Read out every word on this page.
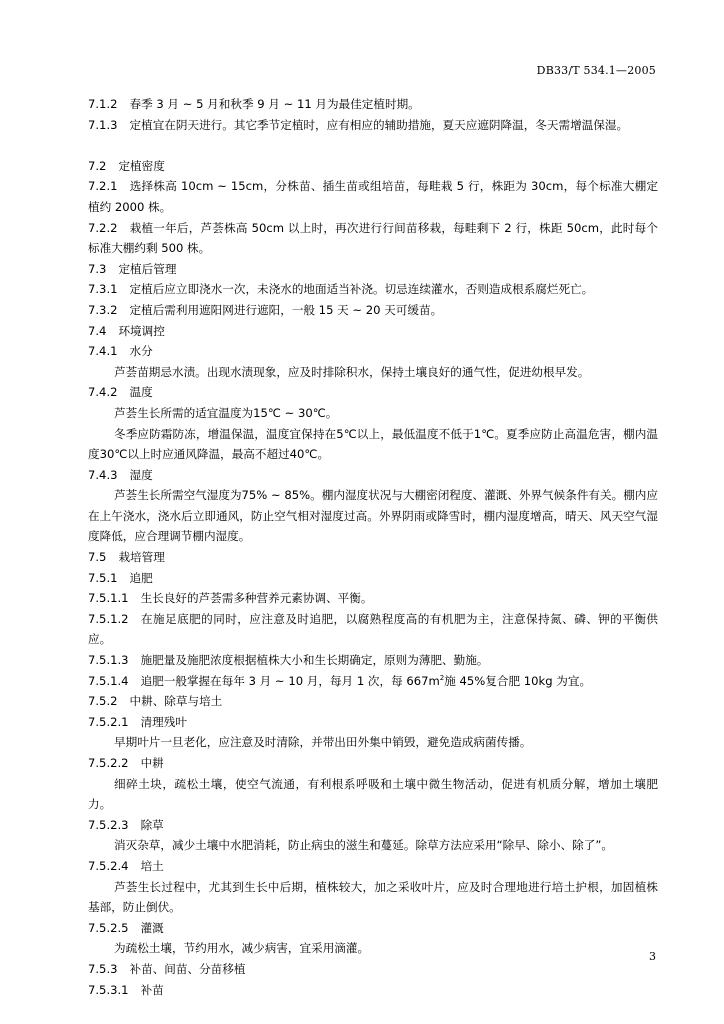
DB33/T 534.1—2005
7.1.2 春季 3 月 ~ 5 月和秋季 9 月 ~ 11 月为最佳定植时期。
7.1.3 定植宜在阴天进行。其它季节定植时，应有相应的辅助措施，夏天应遮阴降温，冬天需增温保湿。
7.2 定植密度
7.2.1 选择株高 10cm ~ 15cm，分株苗、插生苗或组培苗，每畦栽 5 行，株距为 30cm，每个标准大棚定植约 2000 株。
7.2.2 栽植一年后，芦荟株高 50cm 以上时，再次进行行间苗移栽，每畦剩下 2 行，株距 50cm，此时每个标准大棚约剩 500 株。
7.3 定植后管理
7.3.1 定植后应立即浇水一次，未浇水的地面适当补浇。切忌连续灌水，否则造成根系腐烂死亡。
7.3.2 定植后需利用遮阳网进行遮阳，一般 15 天 ~ 20 天可缓苗。
7.4 环境调控
7.4.1 水分
芦荟苗期忌水渍。出现水渍现象，应及时排除积水，保持土壤良好的通气性，促进幼根早发。
7.4.2 温度
芦荟生长所需的适宜温度为15℃ ~ 30℃。
冬季应防霜防冻，增温保温，温度宜保持在5℃以上，最低温度不低于1℃。夏季应防止高温危害，棚内温度30℃以上时应通风降温，最高不超过40℃。
7.4.3 湿度
芦荟生长所需空气湿度为75% ~ 85%。棚内湿度状况与大棚密闭程度、灌溉、外界气候条件有关。棚内应在上午浇水，浇水后立即通风，防止空气相对湿度过高。外界阴雨或降雪时，棚内湿度增高，晴天、风天空气湿度降低，应合理调节棚内湿度。
7.5 栽培管理
7.5.1 追肥
7.5.1.1 生长良好的芦荟需多种营养元素协调、平衡。
7.5.1.2 在施足底肥的同时，应注意及时追肥，以腐熟程度高的有机肥为主，注意保持氮、磷、钾的平衡供应。
7.5.1.3 施肥量及施肥浓度根据植株大小和生长期确定，原则为薄肥、勤施。
7.5.1.4 追肥一般掌握在每年 3 月 ~ 10 月，每月 1 次，每 $667m^2$施 45%复合肥 10kg 为宜。
7.5.2 中耕、除草与培土
7.5.2.1 清理残叶
早期叶片一旦老化，应注意及时清除，并带出田外集中销毁，避免造成病菌传播。
7.5.2.2 中耕
细碎土块，疏松土壤，使空气流通，有利根系呼吸和土壤中微生物活动，促进有机质分解，增加土壤肥力。
7.5.2.3 除草
消灭杂草，减少土壤中水肥消耗，防止病虫的滋生和蔓延。除草方法应采用“除早、除小、除了”。
7.5.2.4 培土
芦荟生长过程中，尤其到生长中后期，植株较大，加之采收叶片，应及时合理地进行培土护根，加固植株基部，防止倒伏。
7.5.2.5 灌溉
为疏松土壤，节约用水，减少病害，宜采用滴灌。
7.5.3 补苗、间苗、分苗移植
7.5.3.1 补苗
3
